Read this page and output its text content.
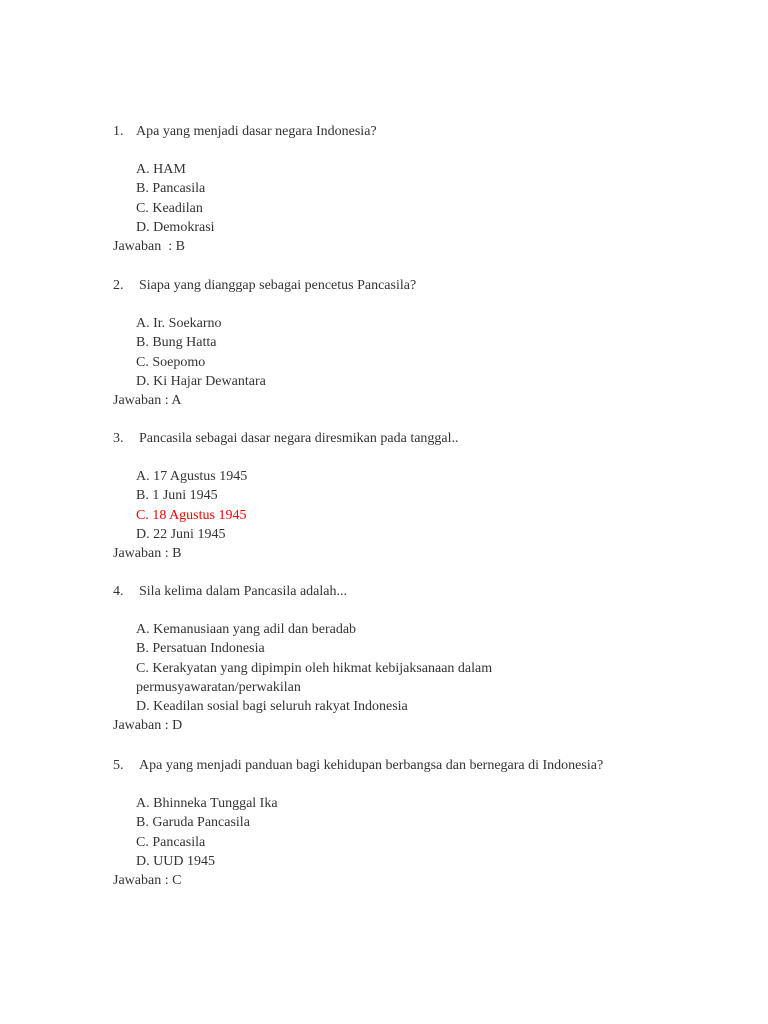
1. Apa yang menjadi dasar negara Indonesia?
A. HAM
B. Pancasila
C. Keadilan
D. Demokrasi
Jawaban  : B
2. Siapa yang dianggap sebagai pencetus Pancasila?
A. Ir. Soekarno
B. Bung Hatta
C. Soepomo
D. Ki Hajar Dewantara
Jawaban : A
3. Pancasila sebagai dasar negara diresmikan pada tanggal..
A. 17 Agustus 1945
B. 1 Juni 1945
C. 18 Agustus 1945
D. 22 Juni 1945
Jawaban : B
4. Sila kelima dalam Pancasila adalah...
A. Kemanusiaan yang adil dan beradab
B. Persatuan Indonesia
C. Kerakyatan yang dipimpin oleh hikmat kebijaksanaan dalam permusyawaratan/perwakilan
D. Keadilan sosial bagi seluruh rakyat Indonesia
Jawaban : D
5. Apa yang menjadi panduan bagi kehidupan berbangsa dan bernegara di Indonesia?
A. Bhinneka Tunggal Ika
B. Garuda Pancasila
C. Pancasila
D. UUD 1945
Jawaban : C
